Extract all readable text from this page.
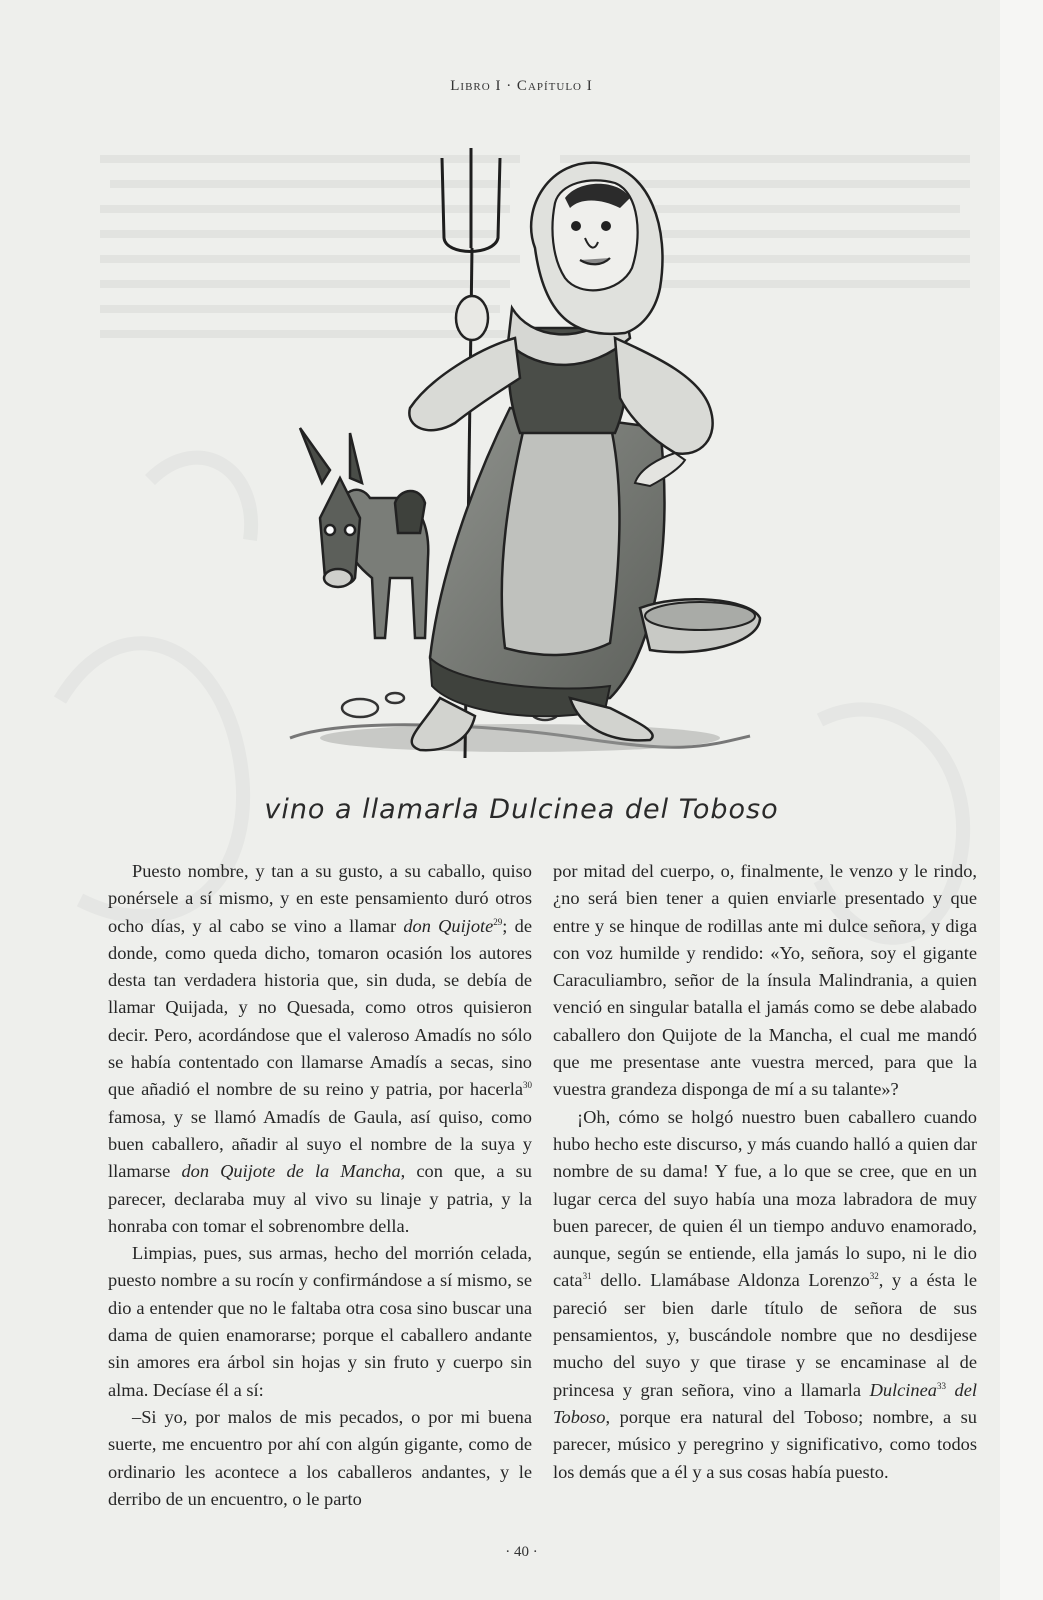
Libro I · Capítulo I
vino a llamarla Dulcinea del Toboso

Puesto nombre, y tan a su gusto, a su caballo, quiso ponérsele a sí mismo, y en este pensamiento duró otros ocho días, y al cabo se vino a llamar don Quijote$^{29}$; de donde, como queda dicho, tomaron ocasión los autores desta tan verdadera historia que, sin duda, se debía de llamar Quijada, y no Quesada, como otros quisieron decir. Pero, acordándose que el valeroso Amadís no sólo se había contentado con llamarse Amadís a secas, sino que añadió el nombre de su reino y patria, por hacerla$^{30}$ famosa, y se llamó Amadís de Gaula, así quiso, como buen caballero, añadir al suyo el nombre de la suya y llamarse don Quijote de la Mancha, con que, a su parecer, declaraba muy al vivo su linaje y patria, y la honraba con tomar el sobrenombre della.

Limpias, pues, sus armas, hecho del morrión celada, puesto nombre a su rocín y confirmándose a sí mismo, se dio a entender que no le faltaba otra cosa sino buscar una dama de quien enamorarse; porque el caballero andante sin amores era árbol sin hojas y sin fruto y cuerpo sin alma. Decíase él a sí:

–Si yo, por malos de mis pecados, o por mi buena suerte, me encuentro por ahí con algún gigante, como de ordinario les acontece a los caballeros andantes, y le derribo de un encuentro, o le parto

por mitad del cuerpo, o, finalmente, le venzo y le rindo, ¿no será bien tener a quien enviarle presentado y que entre y se hinque de rodillas ante mi dulce señora, y diga con voz humilde y rendido: «Yo, señora, soy el gigante Caraculiambro, señor de la ínsula Malindrania, a quien venció en singular batalla el jamás como se debe alabado caballero don Quijote de la Mancha, el cual me mandó que me presentase ante vuestra merced, para que la vuestra grandeza disponga de mí a su talante»?

¡Oh, cómo se holgó nuestro buen caballero cuando hubo hecho este discurso, y más cuando halló a quien dar nombre de su dama! Y fue, a lo que se cree, que en un lugar cerca del suyo había una moza labradora de muy buen parecer, de quien él un tiempo anduvo enamorado, aunque, según se entiende, ella jamás lo supo, ni le dio cata$^{31}$ dello. Llamábase Aldonza Lorenzo$^{32}$, y a ésta le pareció ser bien darle título de señora de sus pensamientos, y, buscándole nombre que no desdijese mucho del suyo y que tirase y se encaminase al de princesa y gran señora, vino a llamarla Dulcinea$^{33}$ del Toboso, porque era natural del Toboso; nombre, a su parecer, músico y peregrino y significativo, como todos los demás que a él y a sus cosas había puesto.

· 40 ·
